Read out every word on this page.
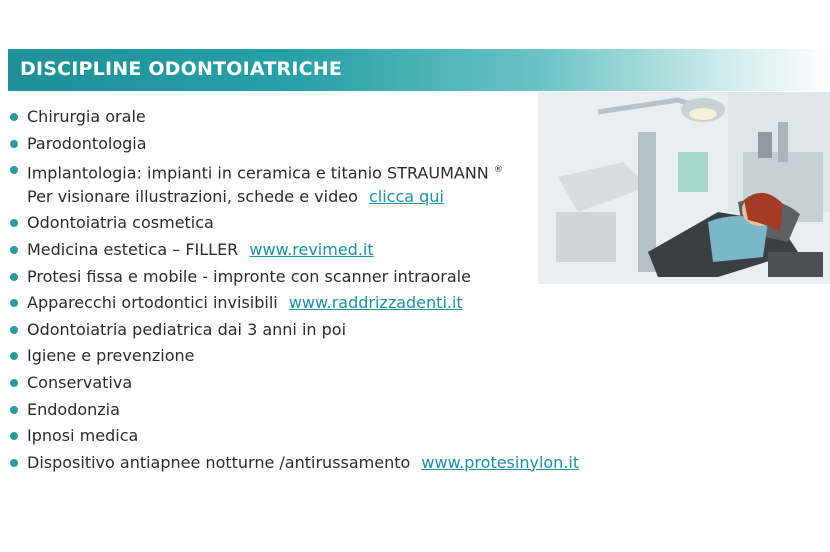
DISCIPLINE ODONTOIATRICHE
Chirurgia orale
Parodontologia
Implantologia: impianti in ceramica e titanio STRAUMANN ®
Per visionare illustrazioni, schede e video clicca qui
Odontoiatria cosmetica
Medicina estetica – FILLER www.revimed.it
Protesi fissa e mobile - impronte con scanner intraorale
Apparecchi ortodontici invisibili www.raddrizzadenti.it
Odontoiatria pediatrica dai 3 anni in poi
Igiene e prevenzione
Conservativa
Endodonzia
Ipnosi medica
Dispositivo antiapnee notturne /antirussamento www.protesinylon.it
